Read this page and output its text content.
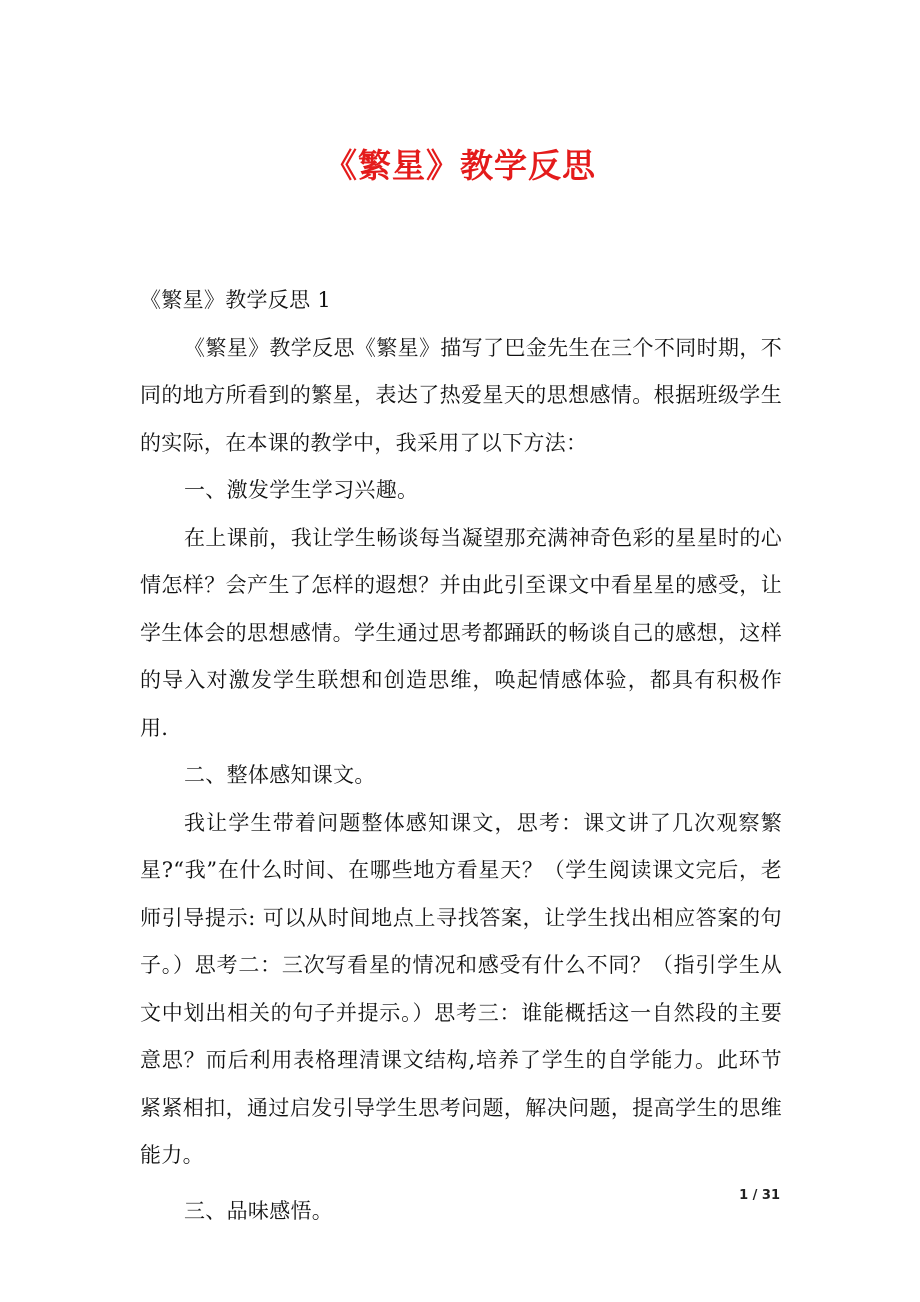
《繁星》教学反思

《繁星》教学反思 1

《繁星》教学反思《繁星》描写了巴金先生在三个不同时期，不同的地方所看到的繁星，表达了热爱星天的思想感情。根据班级学生的实际，在本课的教学中，我采用了以下方法：

一、激发学生学习兴趣。

在上课前，我让学生畅谈每当凝望那充满神奇色彩的星星时的心情怎样？会产生了怎样的遐想？并由此引至课文中看星星的感受，让学生体会的思想感情。学生通过思考都踊跃的畅谈自己的感想，这样的导入对激发学生联想和创造思维，唤起情感体验，都具有积极作用.

二、整体感知课文。

我让学生带着问题整体感知课文，思考：课文讲了几次观察繁星?“我”在什么时间、在哪些地方看星天？（学生阅读课文完后，老师引导提示: 可以从时间地点上寻找答案，让学生找出相应答案的句子。）思考二：三次写看星的情况和感受有什么不同？（指引学生从文中划出相关的句子并提示。）思考三：谁能概括这一自然段的主要意思？而后利用表格理清课文结构,培养了学生的自学能力。此环节紧紧相扣，通过启发引导学生思考问题，解决问题，提高学生的思维能力。

三、品味感悟。

1 / 31
